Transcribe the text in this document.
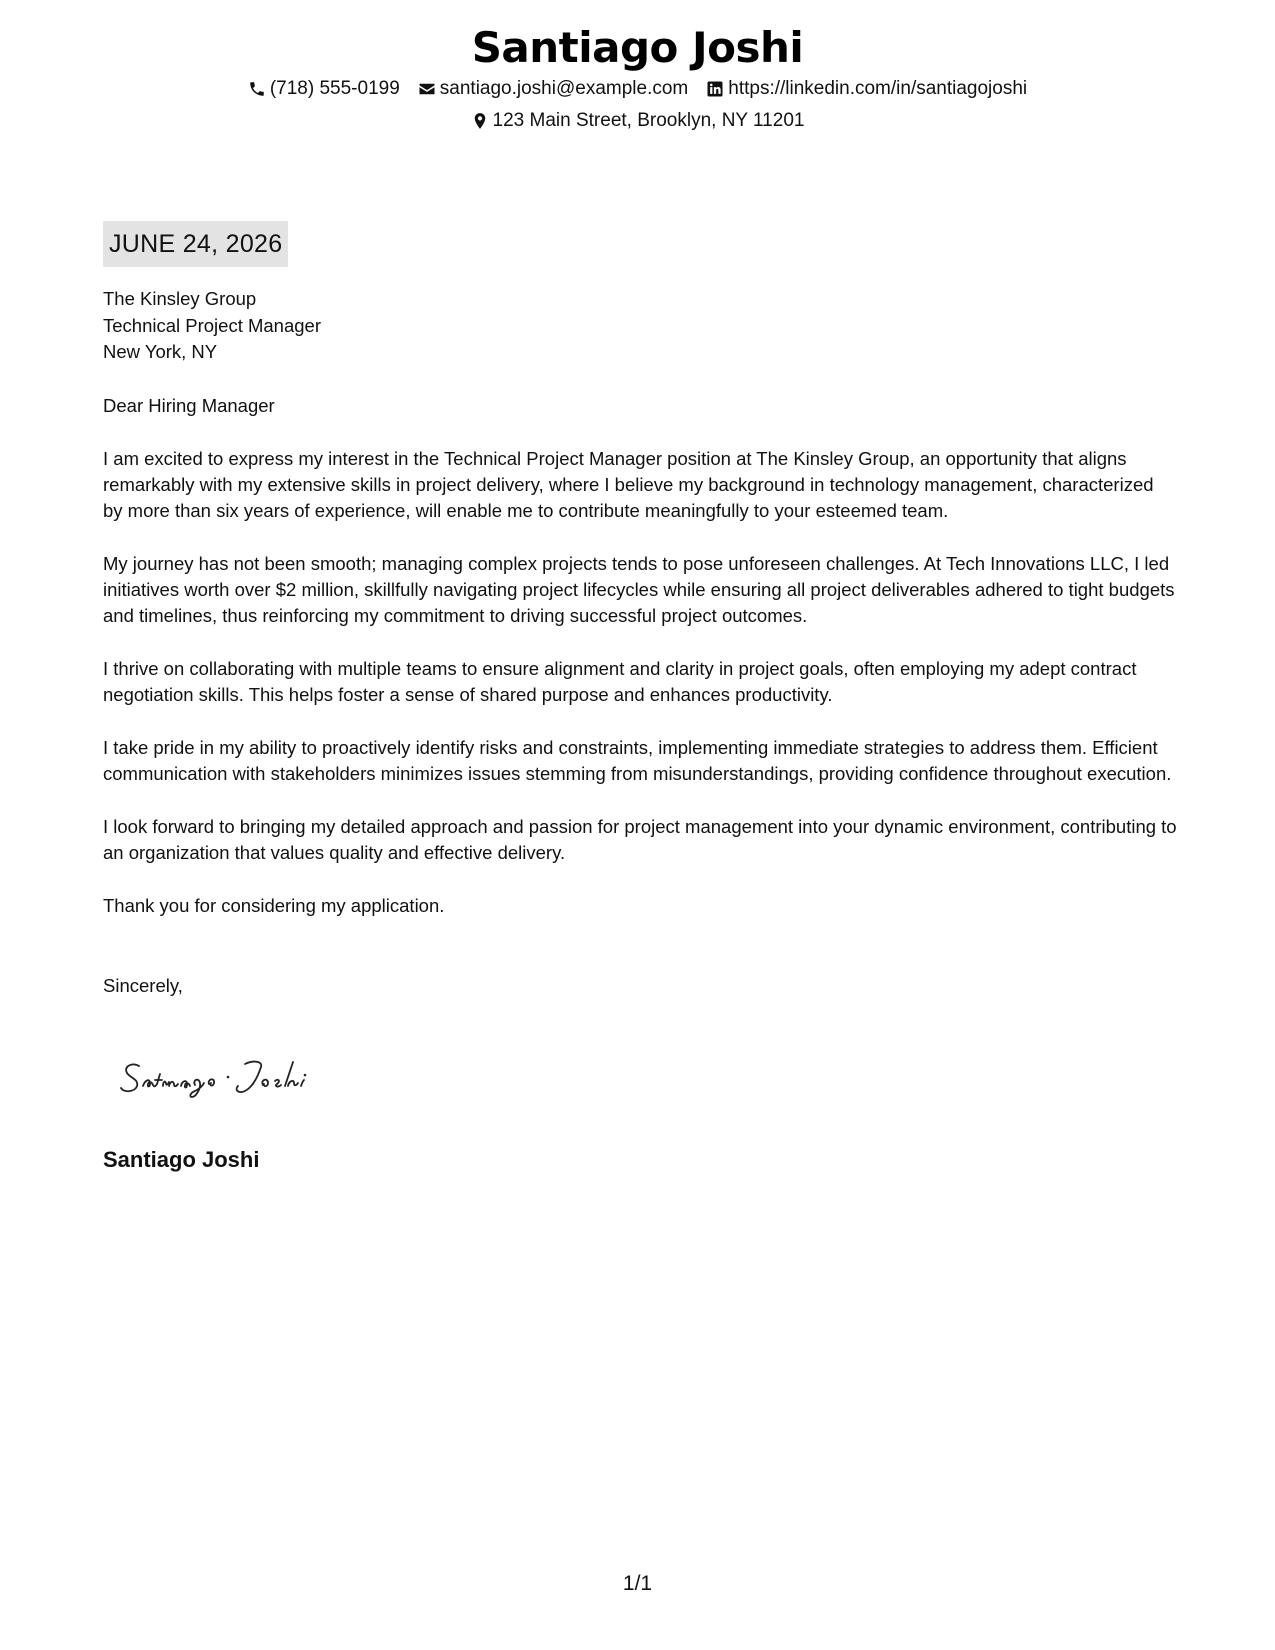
Santiago Joshi
(718) 555-0199 santiago.joshi@example.com https://linkedin.com/in/santiagojoshi
123 Main Street, Brooklyn, NY 11201
JUNE 24, 2026
The Kinsley Group
Technical Project Manager
New York, NY
Dear Hiring Manager
I am excited to express my interest in the Technical Project Manager position at The Kinsley Group, an opportunity that aligns remarkably with my extensive skills in project delivery, where I believe my background in technology management, characterized by more than six years of experience, will enable me to contribute meaningfully to your esteemed team.
My journey has not been smooth; managing complex projects tends to pose unforeseen challenges. At Tech Innovations LLC, I led initiatives worth over $2 million, skillfully navigating project lifecycles while ensuring all project deliverables adhered to tight budgets and timelines, thus reinforcing my commitment to driving successful project outcomes.
I thrive on collaborating with multiple teams to ensure alignment and clarity in project goals, often employing my adept contract negotiation skills. This helps foster a sense of shared purpose and enhances productivity.
I take pride in my ability to proactively identify risks and constraints, implementing immediate strategies to address them. Efficient communication with stakeholders minimizes issues stemming from misunderstandings, providing confidence throughout execution.
I look forward to bringing my detailed approach and passion for project management into your dynamic environment, contributing to an organization that values quality and effective delivery.
Thank you for considering my application.
Sincerely,
Santiago Joshi
1/1
